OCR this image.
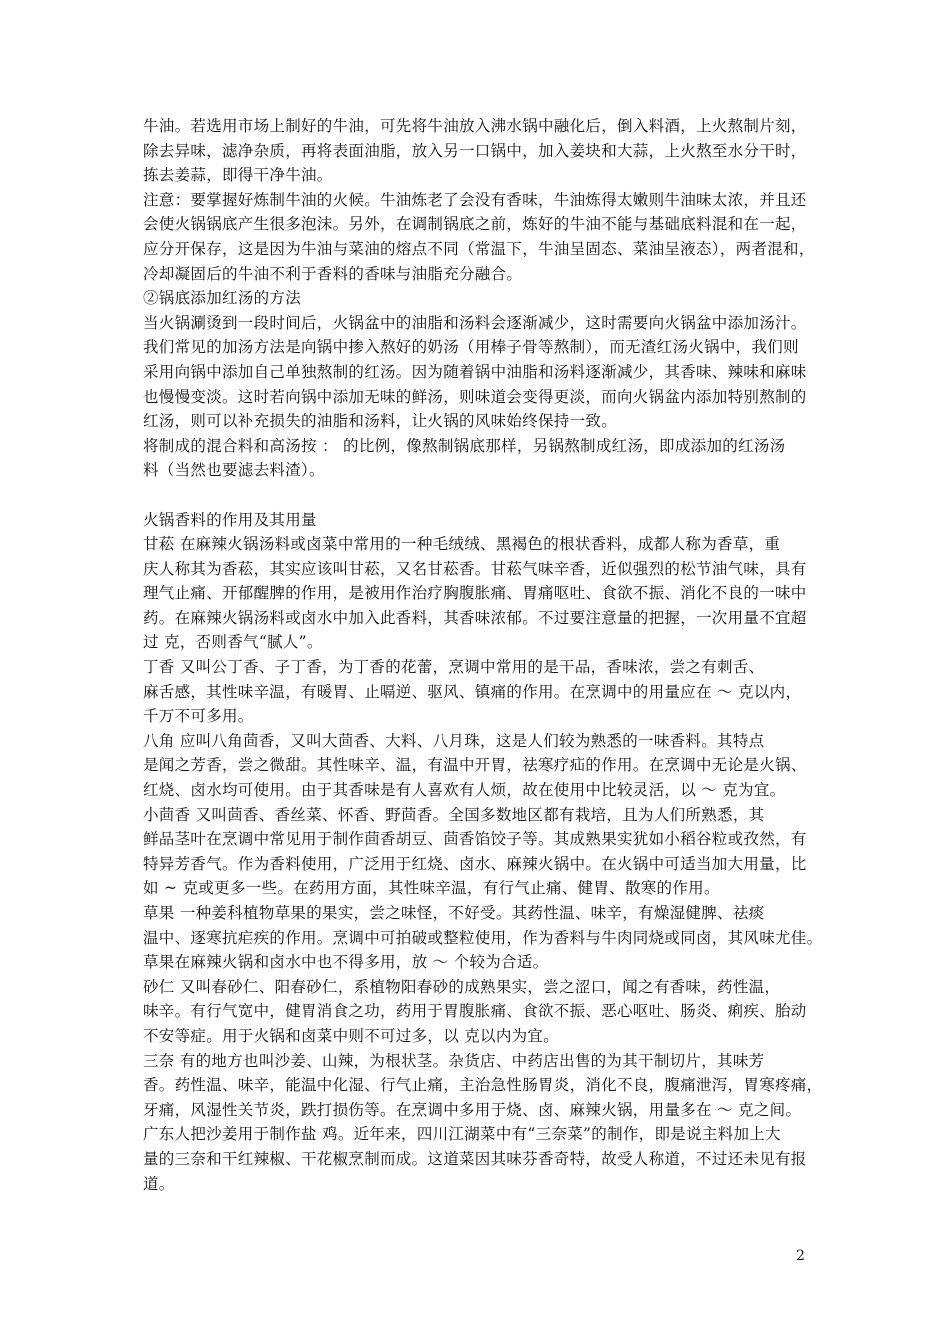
牛油。若选用市场上制好的牛油，可先将牛油放入沸水锅中融化后，倒入料酒，上火熬制片刻，
除去异味，滤净杂质，再将表面油脂，放入另一口锅中，加入姜块和大蒜，上火熬至水分干时，
拣去姜蒜，即得干净牛油。
注意：要掌握好炼制牛油的火候。牛油炼老了会没有香味，牛油炼得太嫩则牛油味太浓，并且还
会使火锅锅底产生很多泡沫。另外，在调制锅底之前，炼好的牛油不能与基础底料混和在一起，
应分开保存，这是因为牛油与菜油的熔点不同（常温下，牛油呈固态、菜油呈液态），两者混和，
冷却凝固后的牛油不利于香料的香味与油脂充分融合。
②锅底添加红汤的方法
当火锅涮烫到一段时间后，火锅盆中的油脂和汤料会逐渐减少，这时需要向火锅盆中添加汤汁。
我们常见的加汤方法是向锅中掺入熬好的奶汤（用棒子骨等熬制），而无渣红汤火锅中，我们则
采用向锅中添加自己单独熬制的红汤。因为随着锅中油脂和汤料逐渐减少，其香味、辣味和麻味
也慢慢变淡。这时若向锅中添加无味的鲜汤，则味道会变得更淡，而向火锅盆内添加特别熬制的
红汤，则可以补充损失的油脂和汤料，让火锅的风味始终保持一致。
将制成的混合料和高汤按 ： 的比例，像熬制锅底那样，另锅熬制成红汤，即成添加的红汤汤
料（当然也要滤去料渣）。
火锅香料的作用及其用量
甘菘 在麻辣火锅汤料或卤菜中常用的一种毛绒绒、黑褐色的根状香料，成都人称为香草，重
庆人称其为香菘，其实应该叫甘菘，又名甘菘香。甘菘气味辛香，近似强烈的松节油气味，具有
理气止痛、开郁醒脾的作用，是被用作治疗胸腹胀痛、胃痛呕吐、食欲不振、消化不良的一味中
药。在麻辣火锅汤料或卤水中加入此香料，其香味浓郁。不过要注意量的把握，一次用量不宜超
过 克，否则香气“腻人”。
丁香 又叫公丁香、子丁香，为丁香的花蕾，烹调中常用的是干品，香味浓，尝之有刺舌、
麻舌感，其性味辛温，有暖胃、止嗝逆、驱风、镇痛的作用。在烹调中的用量应在 ～ 克以内，
千万不可多用。
八角 应叫八角茴香，又叫大茴香、大料、八月珠，这是人们较为熟悉的一味香料。其特点
是闻之芳香，尝之微甜。其性味辛、温，有温中开胃，祛寒疗疝的作用。在烹调中无论是火锅、
红烧、卤水均可使用。由于其香味是有人喜欢有人烦，故在使用中比较灵活，以 ～ 克为宜。
小茴香 又叫茴香、香丝菜、怀香、野茴香。全国多数地区都有栽培，且为人们所熟悉，其
鲜品茎叶在烹调中常见用于制作茴香胡豆、茴香馅饺子等。其成熟果实犹如小稻谷粒或孜然，有
特异芳香气。作为香料使用，广泛用于红烧、卤水、麻辣火锅中。在火锅中可适当加大用量，比
如 ~ 克或更多一些。在药用方面，其性味辛温，有行气止痛、健胃、散寒的作用。
草果 一种姜科植物草果的果实，尝之味怪，不好受。其药性温、味辛，有燥湿健脾、祛痰
温中、逐寒抗疟疾的作用。烹调中可拍破或整粒使用，作为香料与牛肉同烧或同卤，其风味尤佳。
草果在麻辣火锅和卤水中也不得多用，放 ～ 个较为合适。
砂仁 又叫春砂仁、阳春砂仁，系植物阳春砂的成熟果实，尝之涩口，闻之有香味，药性温，
味辛。有行气宽中，健胃消食之功，药用于胃腹胀痛、食欲不振、恶心呕吐、肠炎、痢疾、胎动
不安等症。用于火锅和卤菜中则不可过多，以 克以内为宜。
三奈 有的地方也叫沙姜、山辣，为根状茎。杂货店、中药店出售的为其干制切片，其味芳
香。药性温、味辛，能温中化湿、行气止痛，主治急性肠胃炎，消化不良，腹痛泄泻，胃寒疼痛，
牙痛，风湿性关节炎，跌打损伤等。在烹调中多用于烧、卤、麻辣火锅，用量多在 ～ 克之间。
广东人把沙姜用于制作盐 鸡。近年来，四川江湖菜中有“三奈菜”的制作，即是说主料加上大
量的三奈和干红辣椒、干花椒烹制而成。这道菜因其味芬香奇特，故受人称道，不过还未见有报
道。
2
